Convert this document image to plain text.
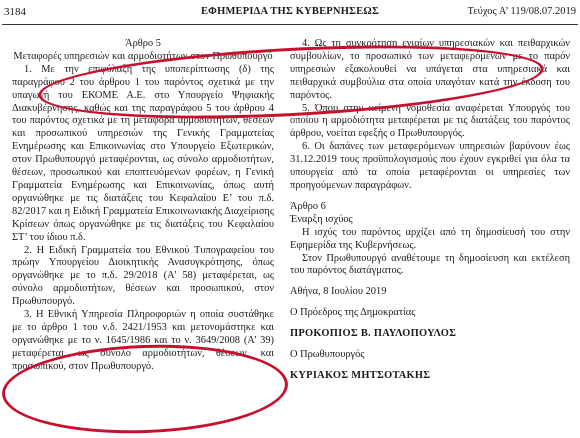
3184	ΕΦΗΜΕΡΙΔΑ ΤΗΣ ΚΥΒΕΡΝΗΣΕΩΣ	Τεύχος Α’ 119/08.07.2019

Άρθρο 5

Μεταφορές υπηρεσιών και αρμοδιοτήτων στον Πρωθυπουργό

1. Με την επιφύλαξη της υποπερίπτωσης (δ) της παραγράφου 2 του άρθρου 1 του παρόντος σχετικά με την υπαγωγή του ΕΚΟΜΕ Α.Ε. στο Υπουργείο Ψηφιακής Διακυβέρνησης, καθώς και της παραγράφου 5 του άρθρου 4 του παρόντος σχετικά με τη μεταφορά αρμοδιοτήτων, θέσεων και προσωπικού υπηρεσιών της Γενικής Γραμματείας Ενημέρωσης και Επικοινωνίας στο Υπουργείο Εξωτερικών, στον Πρωθυπουργό μεταφέρονται, ως σύνολο αρμοδιοτήτων, θέσεων, προσωπικού και εποπτευόμενων φορέων, η Γενική Γραμματεία Ενημέρωσης και Επικοινωνίας, όπως αυτή οργανώθηκε με τις διατάξεις του Κεφαλαίου Ε’ του π.δ. 82/2017 και η Ειδική Γραμματεία Επικοινωνιακής Διαχείρισης Κρίσεων όπως οργανώθηκε με τις διατάξεις του Κεφαλαίου ΣΤ’ του ίδιου π.δ.

2. Η Ειδική Γραμματεία του Εθνικού Τυπογραφείου του πρώην Υπουργείου Διοικητικής Ανασυγκρότησης, όπως οργανώθηκε με το π.δ. 29/2018 (Α’ 58) μεταφέρεται, ως σύνολο αρμοδιοτήτων, θέσεων και προσωπικού, στον Πρωθυπουργό.

3. Η Εθνική Υπηρεσία Πληροφοριών η οποία συστάθηκε με το άρθρο 1 του ν.δ. 2421/1953 και μετονομάστηκε και οργανώθηκε με το ν. 1645/1986 και το ν. 3649/2008 (Α’ 39) μεταφέρεται, ως σύνολο αρμοδιοτήτων, θέσεων, και προσωπικού, στον Πρωθυπουργό.

4. Ως τη συγκρότηση ενιαίων υπηρεσιακών και πειθαρχικών συμβουλίων, το προσωπικό των μεταφερόμενων με το παρόν υπηρεσιών εξακολουθεί να υπάγεται στα υπηρεσιακά και πειθαρχικά συμβούλια στα οποία υπαγόταν κατά την έκδοση του παρόντος.

5. Όπου στην κείμενη νομοθεσία αναφέρεται Υπουργός του οποίου η αρμοδιότητα μεταφέρεται με τις διατάξεις του παρόντος άρθρου, νοείται εφεξής ο Πρωθυπουργός.

6. Οι δαπάνες των μεταφερόμενων υπηρεσιών βαρύνουν έως 31.12.2019 τους προϋπολογισμούς που έχουν εγκριθεί για όλα τα υπουργεία από τα οποία μεταφέρονται οι υπηρεσίες των προηγούμενων παραγράφων.

Άρθρο 6

Έναρξη ισχύος

Η ισχύς του παρόντος αρχίζει από τη δημοσίευσή του στην Εφημερίδα της Κυβερνήσεως.

Στον Πρωθυπουργό αναθέτουμε τη δημοσίευση και εκτέλεση του παρόντος διατάγματος.

Αθήνα, 8 Ιουλίου 2019

Ο Πρόεδρος της Δημοκρατίας

ΠΡΟΚΟΠΙΟΣ Β. ΠΑΥΛΟΠΟΥΛΟΣ

Ο Πρωθυπουργός

ΚΥΡΙΑΚΟΣ ΜΗΤΣΟΤΑΚΗΣ
